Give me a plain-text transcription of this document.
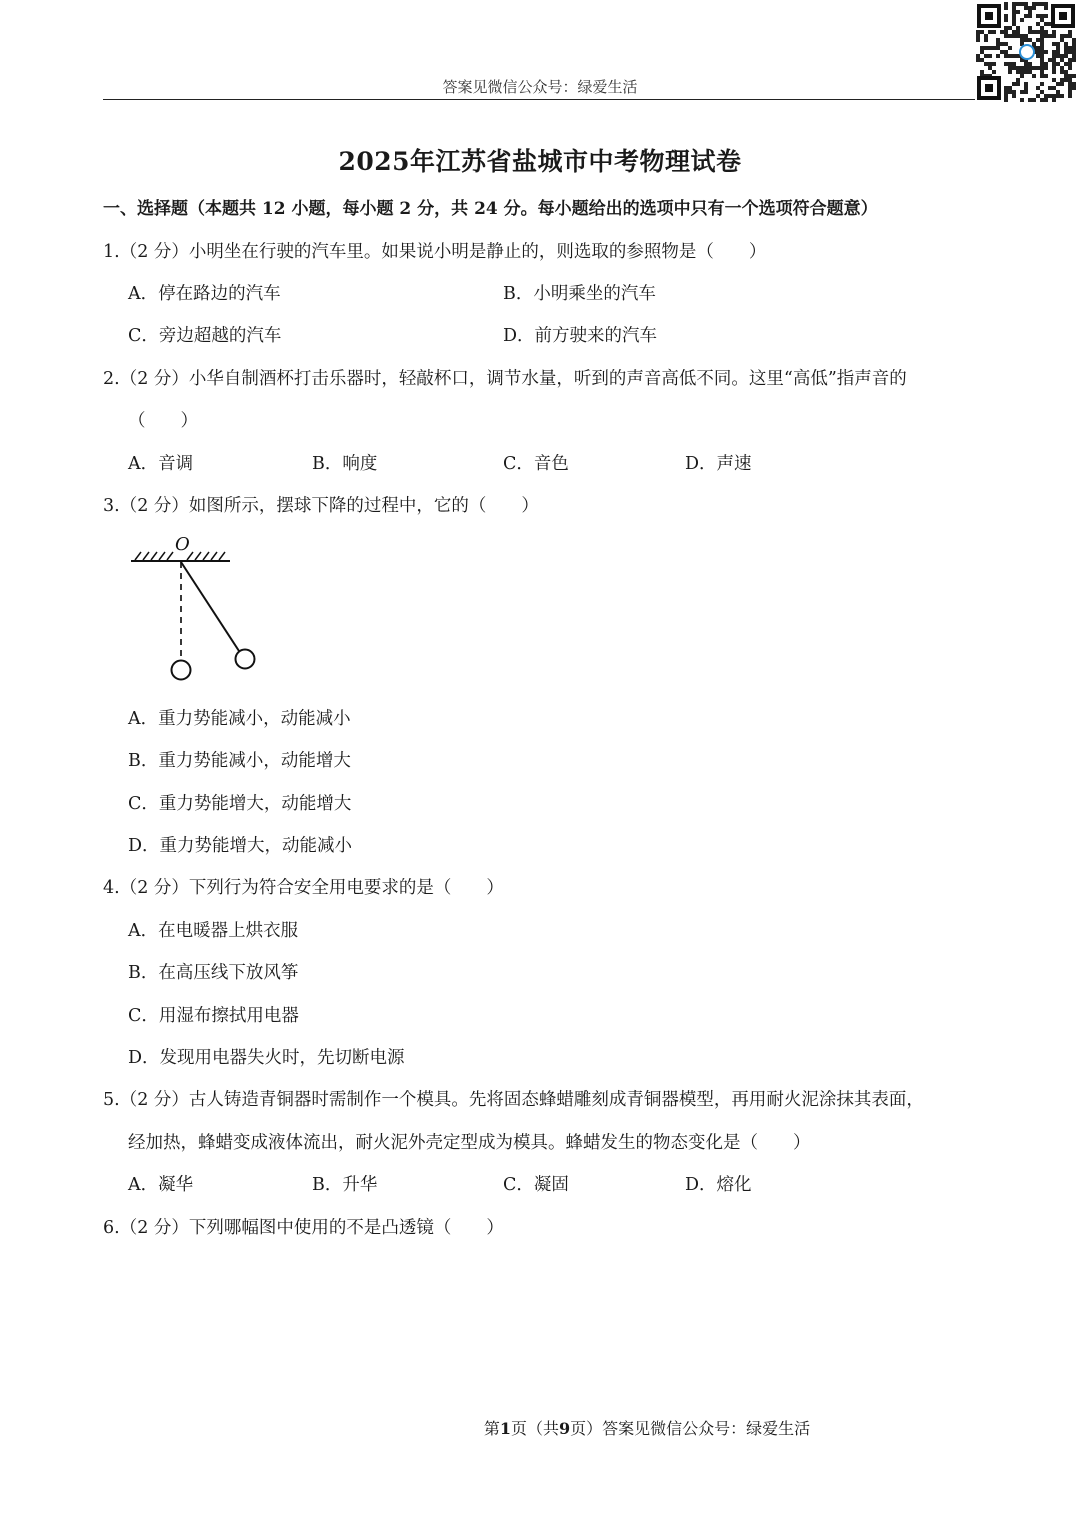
答案见微信公众号：绿爱生活
2025年江苏省盐城市中考物理试卷
一、选择题（本题共 12 小题，每小题 2 分，共 24 分。每小题给出的选项中只有一个选项符合题意）
1.（2 分）小明坐在行驶的汽车里。如果说小明是静止的，则选取的参照物是（　　）
A．停在路边的汽车	B．小明乘坐的汽车
C．旁边超越的汽车	D．前方驶来的汽车
2.（2 分）小华自制酒杯打击乐器时，轻敲杯口，调节水量，听到的声音高低不同。这里“高低”指声音的
（　　）
A．音调	B．响度	C．音色	D．声速
3.（2 分）如图所示，摆球下降的过程中，它的（　　）
O
A．重力势能减小，动能减小
B．重力势能减小，动能增大
C．重力势能增大，动能增大
D．重力势能增大，动能减小
4.（2 分）下列行为符合安全用电要求的是（　　）
A．在电暖器上烘衣服
B．在高压线下放风筝
C．用湿布擦拭用电器
D．发现用电器失火时，先切断电源
5.（2 分）古人铸造青铜器时需制作一个模具。先将固态蜂蜡雕刻成青铜器模型，再用耐火泥涂抹其表面，
经加热，蜂蜡变成液体流出，耐火泥外壳定型成为模具。蜂蜡发生的物态变化是（　　）
A．凝华	B．升华	C．凝固	D．熔化
6.（2 分）下列哪幅图中使用的不是凸透镜（　　）
第1页（共9页）答案见微信公众号：绿爱生活
